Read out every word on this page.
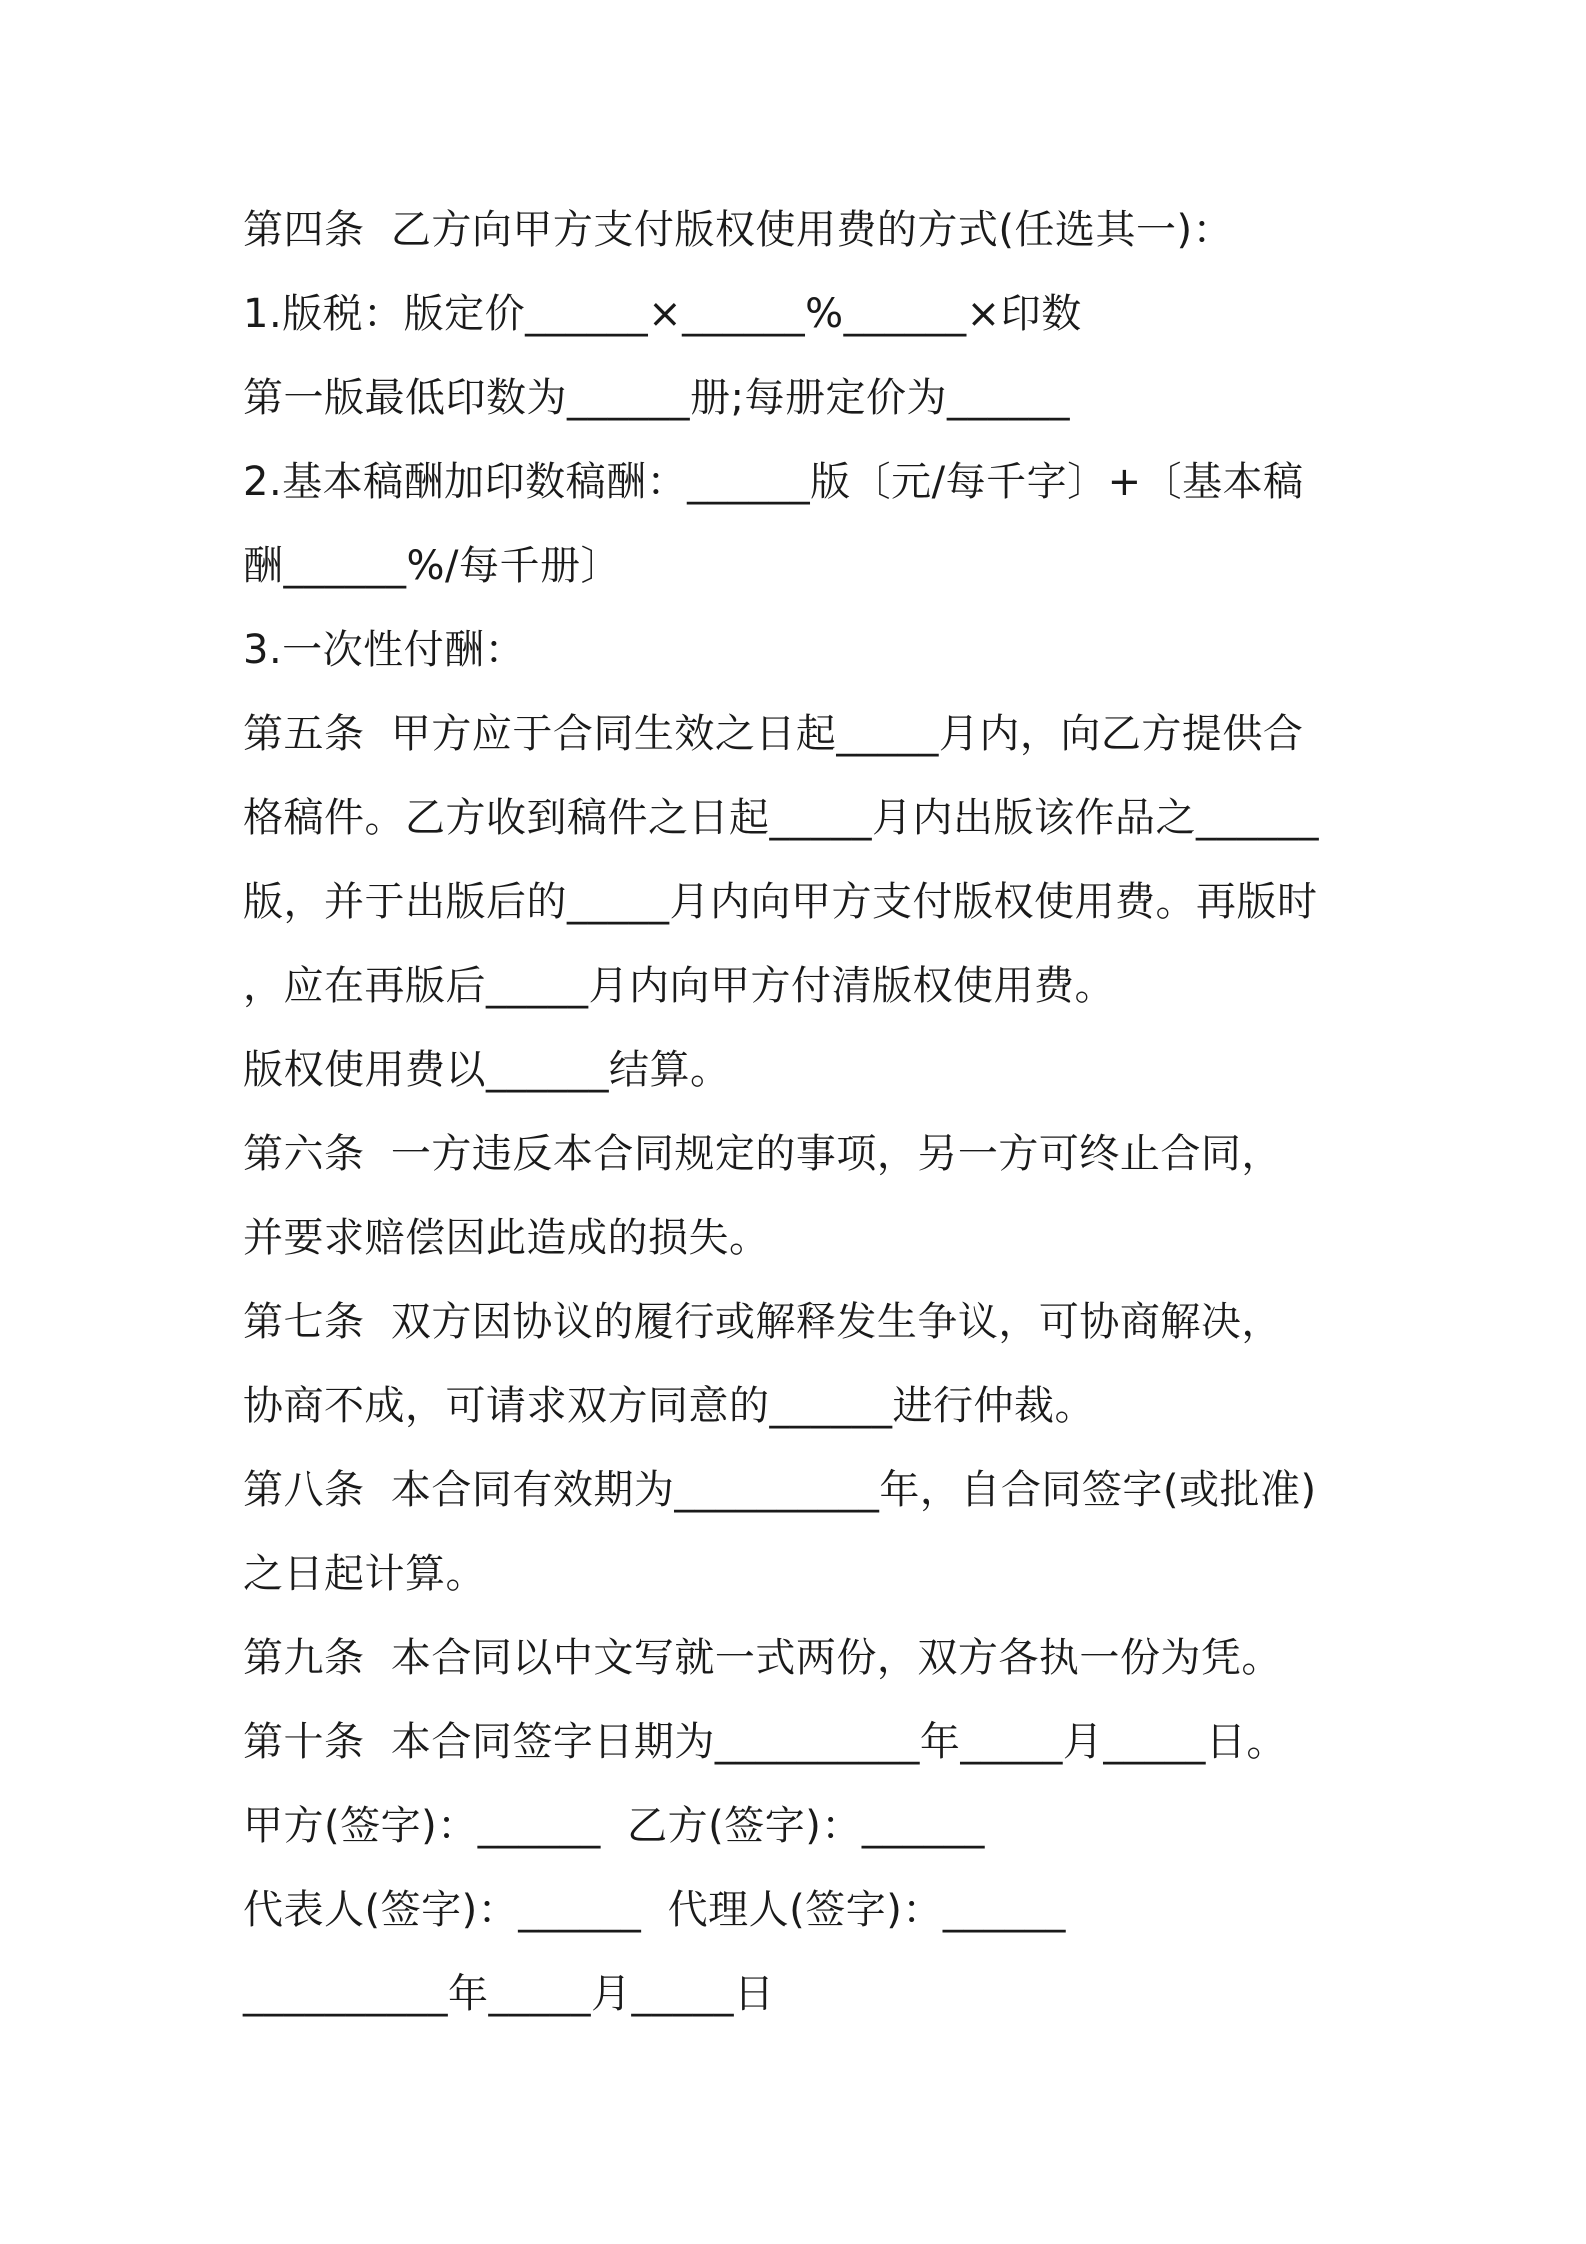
第四条  乙方向甲方支付版权使用费的方式(任选其一)：
1.版税：版定价______×______%______×印数
第一版最低印数为______册;每册定价为______
2.基本稿酬加印数稿酬：______版〔元/每千字〕+〔基本稿
酬______%/每千册〕
3.一次性付酬：
第五条  甲方应于合同生效之日起_____月内，向乙方提供合
格稿件。乙方收到稿件之日起_____月内出版该作品之______
版，并于出版后的_____月内向甲方支付版权使用费。再版时
，应在再版后_____月内向甲方付清版权使用费。
版权使用费以______结算。
第六条  一方违反本合同规定的事项，另一方可终止合同，
并要求赔偿因此造成的损失。
第七条  双方因协议的履行或解释发生争议，可协商解决，
协商不成，可请求双方同意的______进行仲裁。
第八条  本合同有效期为__________年，自合同签字(或批准)
之日起计算。
第九条  本合同以中文写就一式两份，双方各执一份为凭。
第十条  本合同签字日期为__________年_____月_____日。
甲方(签字)：______  乙方(签字)：______
代表人(签字)：______  代理人(签字)：______
__________年_____月_____日
